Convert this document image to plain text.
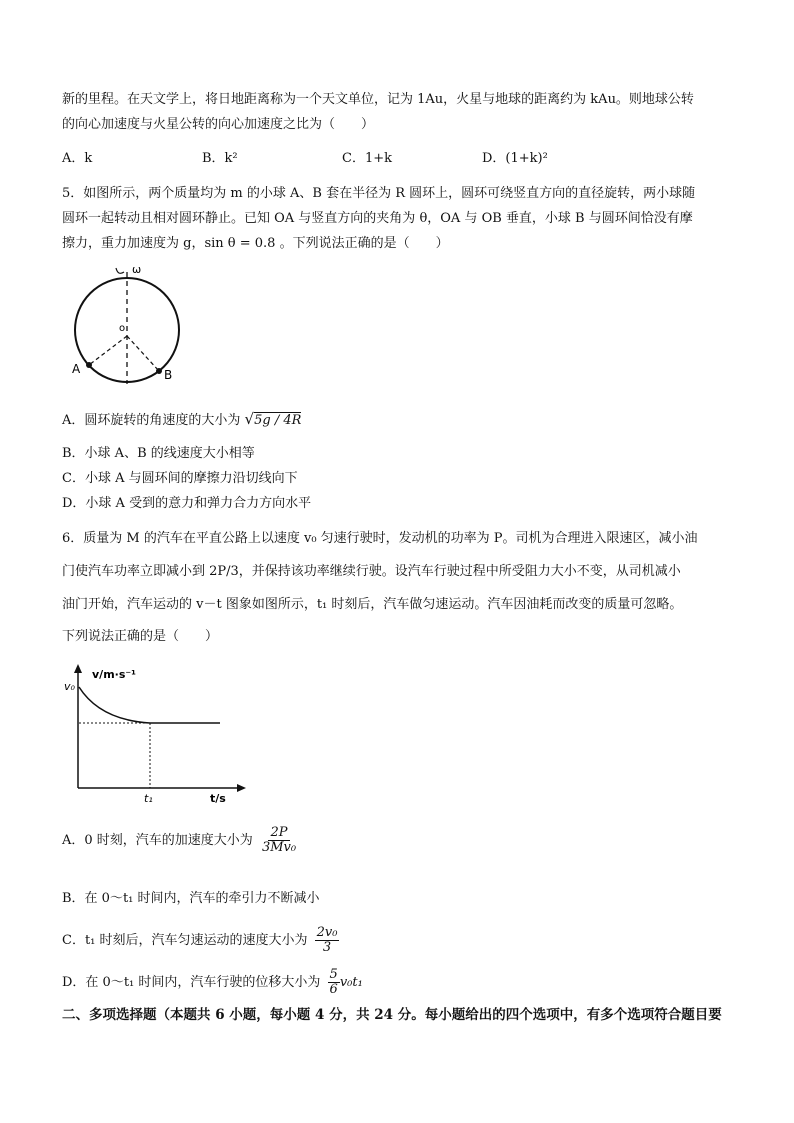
新的里程。在天文学上，将日地距离称为一个天文单位，记为 1Au，火星与地球的距离约为 kAu。则地球公转
的向心加速度与火星公转的向心加速度之比为（　　）
A．k	B．k²	C．1+k	D．(1+k)²
5．如图所示，两个质量均为 m 的小球 A、B 套在半径为 R 圆环上，圆环可绕竖直方向的直径旋转，两小球随
圆环一起转动且相对圆环静止。已知 OA 与竖直方向的夹角为 θ，OA 与 OB 垂直，小球 B 与圆环间恰没有摩
擦力，重力加速度为 g，sin θ = 0.8 。下列说法正确的是（　　）
ω
o
A	B
A．圆环旋转的角速度的大小为 √5g / 4R
B．小球 A、B 的线速度大小相等
C．小球 A 与圆环间的摩擦力沿切线向下
D．小球 A 受到的意力和弹力合力方向水平
6．质量为 M 的汽车在平直公路上以速度 v₀ 匀速行驶时，发动机的功率为 P。司机为合理进入限速区，减小油
门使汽车功率立即减小到 2P/3，并保持该功率继续行驶。设汽车行驶过程中所受阻力大小不变，从司机减小
油门开始，汽车运动的 v－t 图象如图所示，t₁ 时刻后，汽车做匀速运动。汽车因油耗而改变的质量可忽略。
下列说法正确的是（　　）
v/m·s⁻¹
v₀
t₁	t/s
A．0 时刻，汽车的加速度大小为 $\frac{2P}{\text{3Mv₀}}$
B．在 0～t₁ 时间内，汽车的牵引力不断减小
C．t₁ 时刻后，汽车匀速运动的速度大小为 $\frac{\text{2v₀}}{3}$
D．在 0～t₁ 时间内，汽车行驶的位移大小为 $\frac{5}{6} v_0t_1$
二、多项选择题（本题共 6 小题，每小题 4 分，共 24 分。每小题给出的四个选项中，有多个选项符合题目要
